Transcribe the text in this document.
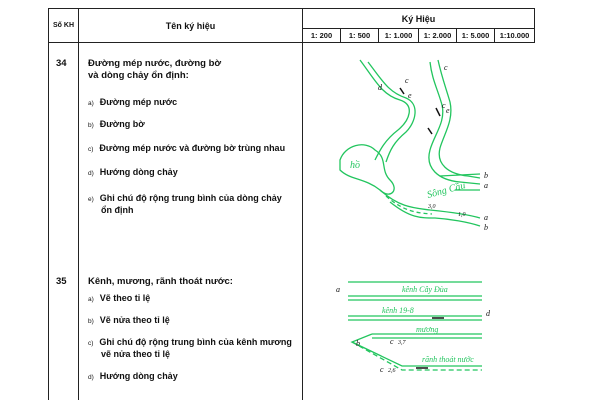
Số KH	Tên ký hiệu	Ký Hiệu					
		1: 200	1: 500	1: 1.000	1: 2.000	1: 5.000	1:10.000
34 Đường mép nước, đường bờ
và dòng chảy ổn định:
a) Đường mép nước
b) Đường bờ
c) Đường mép nước và đường bờ trùng nhau
d) Hướng dòng chảy
e) Ghi chú độ rộng trung bình của dòng chảy
ổn định
c
d
e
c
e
c
b
a
a
b
3,0
1,0
hồ
Sông Cầu
35 Kênh, mương, rãnh thoát nước:
a) Vẽ theo tỉ lệ
b) Vẽ nửa theo tỉ lệ
c) Ghi chú độ rộng trung bình của kênh mương
vẽ nửa theo tỉ lệ
d) Hướng dòng chảy
kênh Cây Đùa
kênh 19-8
mương
rãnh thoát nước
a
d
b	c
c
3,7
2,6
